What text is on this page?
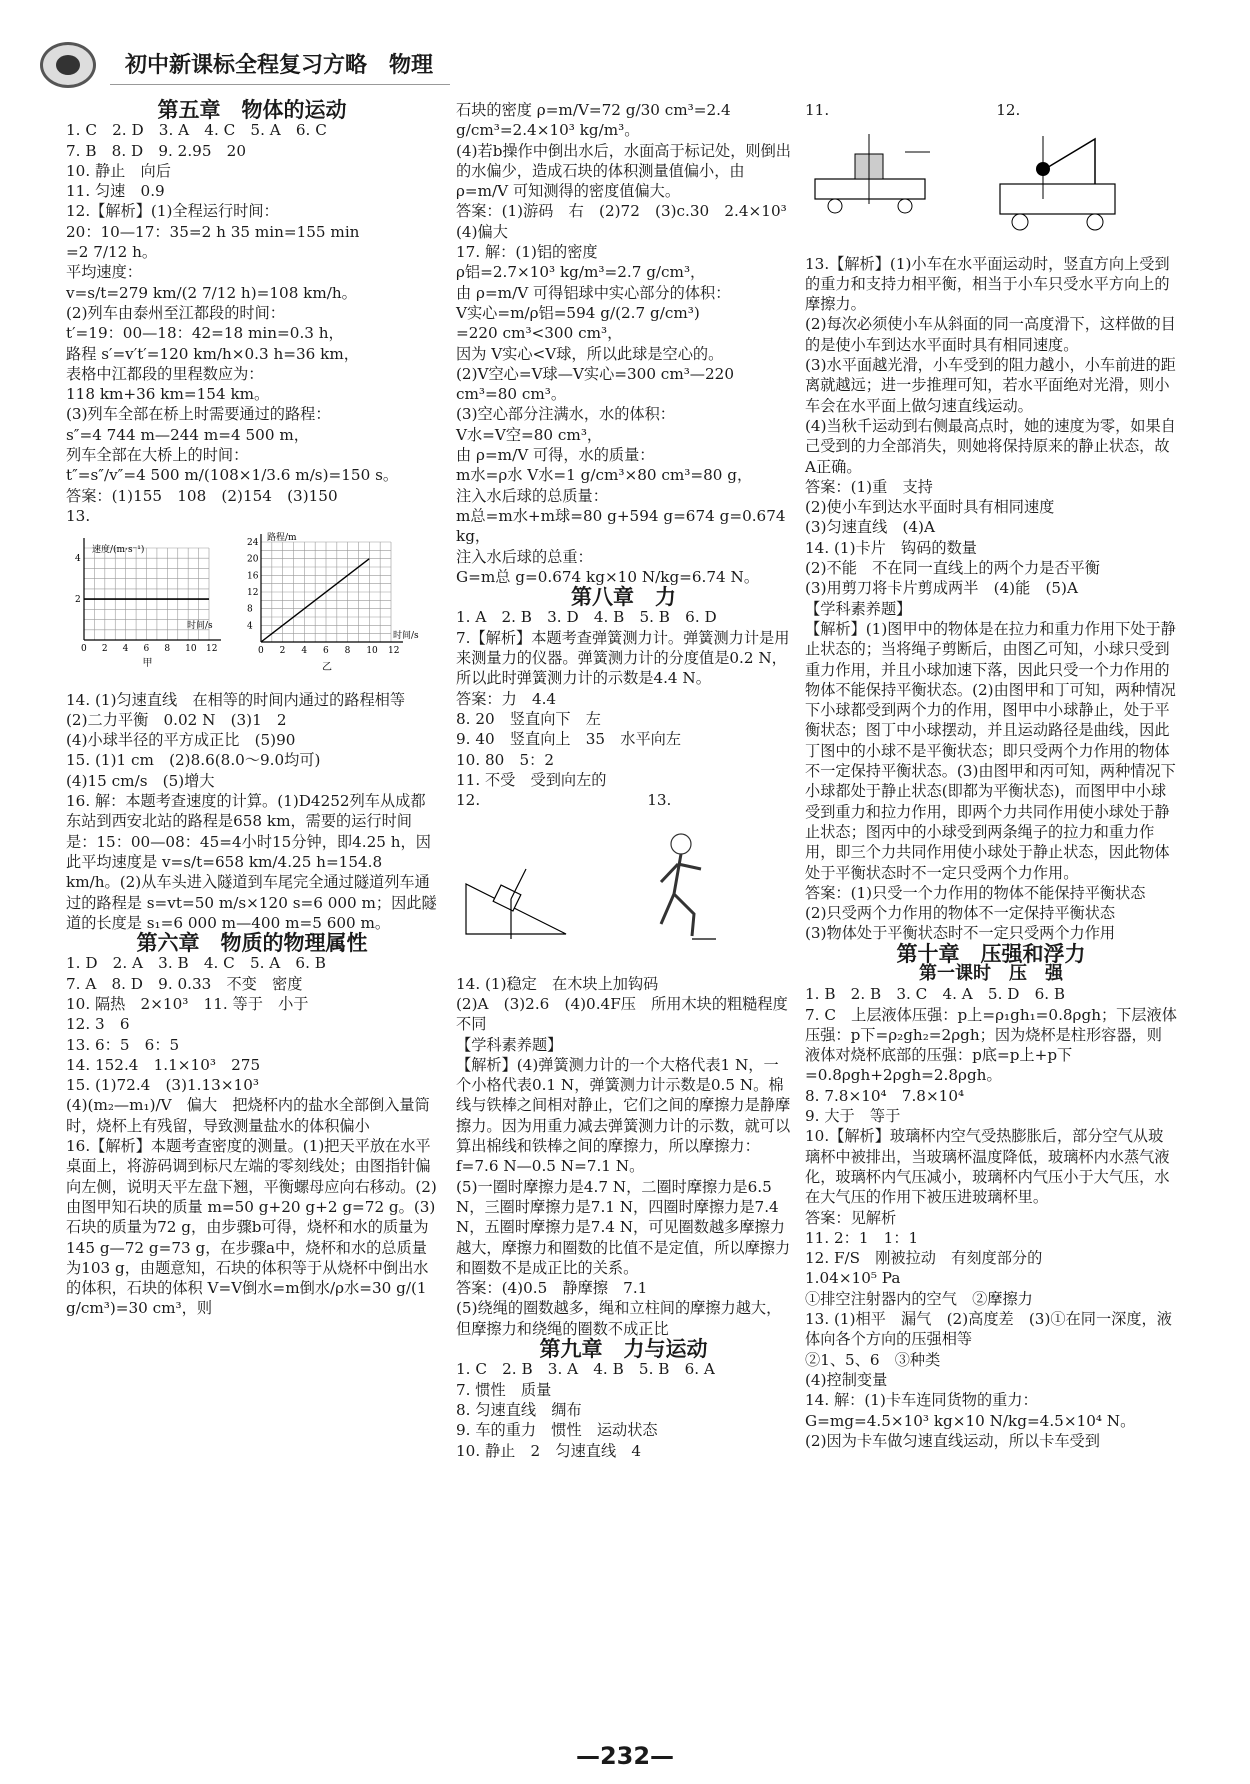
初中新课标全程复习方略　物理

第五章　物体的运动

1. C　2. D　3. A　4. C　5. A　6. C

7. B　8. D　9. 2.95　20

10. 静止　向后

11. 匀速　0.9

12.【解析】(1)全程运行时间：

20：10—17：35=2 h 35 min=155 min

=2 7/12 h。

平均速度：

v=s/t=279 km/(2 7/12 h)=108 km/h。

(2)列车由泰州至江都段的时间：

t′=19：00—18：42=18 min=0.3 h，

路程 s′=v′t′=120 km/h×0.3 h=36 km，

表格中江都段的里程数应为：

118 km+36 km=154 km。

(3)列车全部在桥上时需要通过的路程：

s″=4 744 m—244 m=4 500 m，

列车全部在大桥上的时间：

t″=s″/v″=4 500 m/(108×1/3.6 m/s)=150 s。

答案：(1)155　108　(2)154　(3)150

13.

速度/(m·s⁻¹)
4
2
0 2 4 6 8 10 12
时间/s
甲
路程/m
24
20
16
12
8
4
0 2 4 6 8 10 12
时间/s
乙

14. (1)匀速直线　在相等的时间内通过的路程相等

(2)二力平衡　0.02 N　(3)1　2

(4)小球半径的平方成正比　(5)90

15. (1)1 cm　(2)8.6(8.0～9.0均可)

(4)15 cm/s　(5)增大

16. 解：本题考查速度的计算。(1)D4252列车从成都东站到西安北站的路程是658 km，需要的运行时间是：15：00—08：45=4小时15分钟，即4.25 h，因此平均速度是 v=s/t=658 km/4.25 h=154.8 km/h。(2)从车头进入隧道到车尾完全通过隧道列车通过的路程是 s=vt=50 m/s×120 s=6 000 m；因此隧道的长度是 s₁=6 000 m—400 m=5 600 m。

第六章　物质的物理属性

1. D　2. A　3. B　4. C　5. A　6. B

7. A　8. D　9. 0.33　不变　密度

10. 隔热　2×10³　11. 等于　小于

12. 3　6

13. 6：5　6：5

14. 152.4　1.1×10³　275

15. (1)72.4　(3)1.13×10³

(4)(m₂—m₁)/V　偏大　把烧杯内的盐水全部倒入量筒时，烧杯上有残留，导致测量盐水的体积偏小

16.【解析】本题考查密度的测量。(1)把天平放在水平桌面上，将游码调到标尺左端的零刻线处；由图指针偏向左侧，说明天平左盘下翘，平衡螺母应向右移动。(2)由图甲知石块的质量 m=50 g+20 g+2 g=72 g。(3)石块的质量为72 g，由步骤b可得，烧杯和水的质量为145 g—72 g=73 g，在步骤a中，烧杯和水的总质量为103 g，由题意知，石块的体积等于从烧杯中倒出水的体积，石块的体积 V=V倒水=m倒水/ρ水=30 g/(1 g/cm³)=30 cm³，则

石块的密度 ρ=m/V=72 g/30 cm³=2.4 g/cm³=2.4×10³ kg/m³。

(4)若b操作中倒出水后，水面高于标记处，则倒出的水偏少，造成石块的体积测量值偏小，由 ρ=m/V 可知测得的密度值偏大。

答案：(1)游码　右　(2)72　(3)c.30　2.4×10³　(4)偏大

17. 解：(1)铝的密度

ρ铝=2.7×10³ kg/m³=2.7 g/cm³，

由 ρ=m/V 可得铝球中实心部分的体积：

V实心=m/ρ铝=594 g/(2.7 g/cm³)

=220 cm³<300 cm³，

因为 V实心<V球，所以此球是空心的。

(2)V空心=V球—V实心=300 cm³—220 cm³=80 cm³。

(3)空心部分注满水，水的体积：

V水=V空=80 cm³，

由 ρ=m/V 可得，水的质量：

m水=ρ水 V水=1 g/cm³×80 cm³=80 g，

注入水后球的总质量：

m总=m水+m球=80 g+594 g=674 g=0.674 kg，

注入水后球的总重：

G=m总 g=0.674 kg×10 N/kg=6.74 N。

第八章　力

1. A　2. B　3. D　4. B　5. B　6. D

7.【解析】本题考查弹簧测力计。弹簧测力计是用来测量力的仪器。弹簧测力计的分度值是0.2 N，所以此时弹簧测力计的示数是4.4 N。

答案：力　4.4

8. 20　竖直向下　左

9. 40　竖直向上　35　水平向左

10. 80　5：2

11. 不受　受到向左的

12.　　　　　　　　　　　13.

14. (1)稳定　在木块上加钩码

(2)A　(3)2.6　(4)0.4F压　所用木块的粗糙程度不同

【学科素养题】

【解析】(4)弹簧测力计的一个大格代表1 N，一个小格代表0.1 N，弹簧测力计示数是0.5 N。棉线与铁棒之间相对静止，它们之间的摩擦力是静摩擦力。因为用重力减去弹簧测力计的示数，就可以算出棉线和铁棒之间的摩擦力，所以摩擦力：f=7.6 N—0.5 N=7.1 N。

(5)一圈时摩擦力是4.7 N，二圈时摩擦力是6.5 N，三圈时摩擦力是7.1 N，四圈时摩擦力是7.4 N，五圈时摩擦力是7.4 N，可见圈数越多摩擦力越大，摩擦力和圈数的比值不是定值，所以摩擦力和圈数不是成正比的关系。

答案：(4)0.5　静摩擦　7.1

(5)绕绳的圈数越多，绳和立柱间的摩擦力越大，但摩擦力和绕绳的圈数不成正比

第九章　力与运动

1. C　2. B　3. A　4. B　5. B　6. A

7. 惯性　质量

8. 匀速直线　绸布

9. 车的重力　惯性　运动状态

10. 静止　2　匀速直线　4

11.　　　　　　　　　　　12.

13.【解析】(1)小车在水平面运动时，竖直方向上受到的重力和支持力相平衡，相当于小车只受水平方向上的摩擦力。

(2)每次必须使小车从斜面的同一高度滑下，这样做的目的是使小车到达水平面时具有相同速度。

(3)水平面越光滑，小车受到的阻力越小，小车前进的距离就越远；进一步推理可知，若水平面绝对光滑，则小车会在水平面上做匀速直线运动。

(4)当秋千运动到右侧最高点时，她的速度为零，如果自己受到的力全部消失，则她将保持原来的静止状态，故A正确。

答案：(1)重　支持

(2)使小车到达水平面时具有相同速度

(3)匀速直线　(4)A

14. (1)卡片　钩码的数量

(2)不能　不在同一直线上的两个力是否平衡

(3)用剪刀将卡片剪成两半　(4)能　(5)A

【学科素养题】

【解析】(1)图甲中的物体是在拉力和重力作用下处于静止状态的；当将绳子剪断后，由图乙可知，小球只受到重力作用，并且小球加速下落，因此只受一个力作用的物体不能保持平衡状态。(2)由图甲和丁可知，两种情况下小球都受到两个力的作用，图甲中小球静止，处于平衡状态；图丁中小球摆动，并且运动路径是曲线，因此丁图中的小球不是平衡状态；即只受两个力作用的物体不一定保持平衡状态。(3)由图甲和丙可知，两种情况下小球都处于静止状态(即都为平衡状态)，而图甲中小球受到重力和拉力作用，即两个力共同作用使小球处于静止状态；图丙中的小球受到两条绳子的拉力和重力作用，即三个力共同作用使小球处于静止状态，因此物体处于平衡状态时不一定只受两个力作用。

答案：(1)只受一个力作用的物体不能保持平衡状态

(2)只受两个力作用的物体不一定保持平衡状态

(3)物体处于平衡状态时不一定只受两个力作用

第十章　压强和浮力

第一课时　压　强

1. B　2. B　3. C　4. A　5. D　6. B

7. C　上层液体压强：p上=ρ₁gh₁=0.8ρgh；下层液体压强：p下=ρ₂gh₂=2ρgh；因为烧杯是柱形容器，则液体对烧杯底部的压强：p底=p上+p下=0.8ρgh+2ρgh=2.8ρgh。

8. 7.8×10⁴　7.8×10⁴

9. 大于　等于

10.【解析】玻璃杯内空气受热膨胀后，部分空气从玻璃杯中被排出，当玻璃杯温度降低，玻璃杯内水蒸气液化，玻璃杯内气压减小，玻璃杯内气压小于大气压，水在大气压的作用下被压进玻璃杯里。

答案：见解析

11. 2：1　1：1

12. F/S　刚被拉动　有刻度部分的

1.04×10⁵ Pa

①排空注射器内的空气　②摩擦力

13. (1)相平　漏气　(2)高度差　(3)①在同一深度，液体向各个方向的压强相等

②1、5、6　③种类

(4)控制变量

14. 解：(1)卡车连同货物的重力：

G=mg=4.5×10³ kg×10 N/kg=4.5×10⁴ N。

(2)因为卡车做匀速直线运动，所以卡车受到

—232—
